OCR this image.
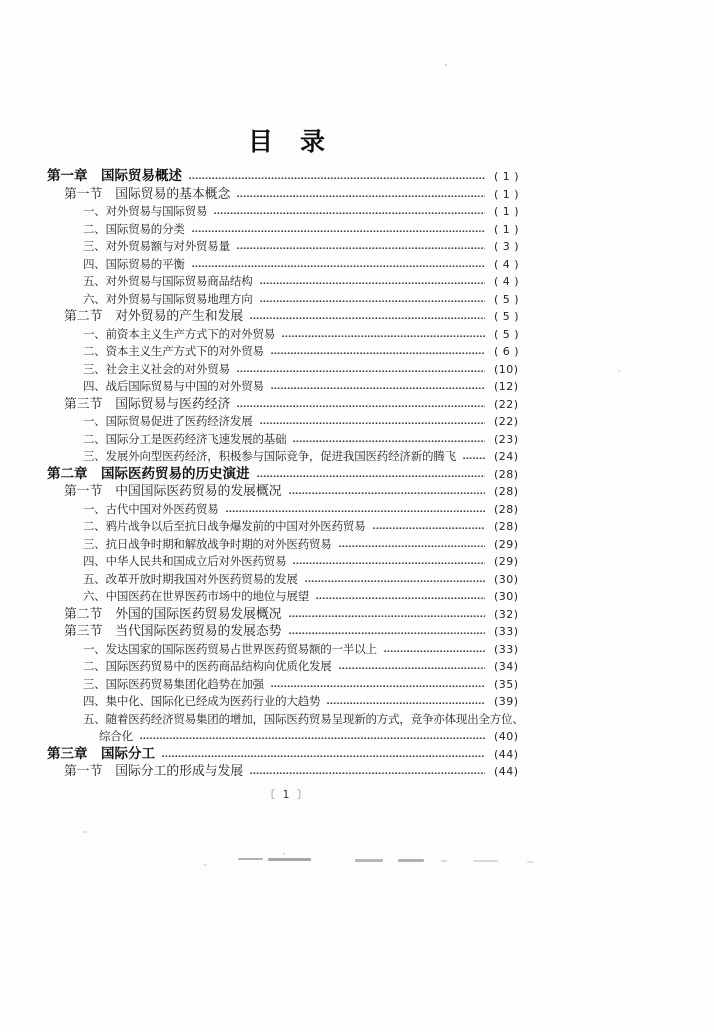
目　录
第一章　国际贸易概述	( 1 )
第一节　国际贸易的基本概念	( 1 )
一、对外贸易与国际贸易	( 1 )
二、国际贸易的分类	( 1 )
三、对外贸易额与对外贸易量	( 3 )
四、国际贸易的平衡	( 4 )
五、对外贸易与国际贸易商品结构	( 4 )
六、对外贸易与国际贸易地理方向	( 5 )
第二节　对外贸易的产生和发展	( 5 )
一、前资本主义生产方式下的对外贸易	( 5 )
二、资本主义生产方式下的对外贸易	( 6 )
三、社会主义社会的对外贸易	(10)
四、战后国际贸易与中国的对外贸易	(12)
第三节　国际贸易与医药经济	(22)
一、国际贸易促进了医药经济发展	(22)
二、国际分工是医药经济飞速发展的基础	(23)
三、发展外向型医药经济，积极参与国际竞争，促进我国医药经济新的腾飞	(24)
第二章　国际医药贸易的历史演进	(28)
第一节　中国国际医药贸易的发展概况	(28)
一、古代中国对外医药贸易	(28)
二、鸦片战争以后至抗日战争爆发前的中国对外医药贸易	(28)
三、抗日战争时期和解放战争时期的对外医药贸易	(29)
四、中华人民共和国成立后对外医药贸易	(29)
五、改革开放时期我国对外医药贸易的发展	(30)
六、中国医药在世界医药市场中的地位与展望	(30)
第二节　外国的国际医药贸易发展概况	(32)
第三节　当代国际医药贸易的发展态势	(33)
一、发达国家的国际医药贸易占世界医药贸易额的一半以上	(33)
二、国际医药贸易中的医药商品结构向优质化发展	(34)
三、国际医药贸易集团化趋势在加强	(35)
四、集中化、国际化已经成为医药行业的大趋势	(39)
五、随着医药经济贸易集团的增加，国际医药贸易呈现新的方式，竞争亦体现出全方位、
综合化	(40)
第三章　国际分工	(44)
第一节　国际分工的形成与发展	(44)
〔 1 〕
